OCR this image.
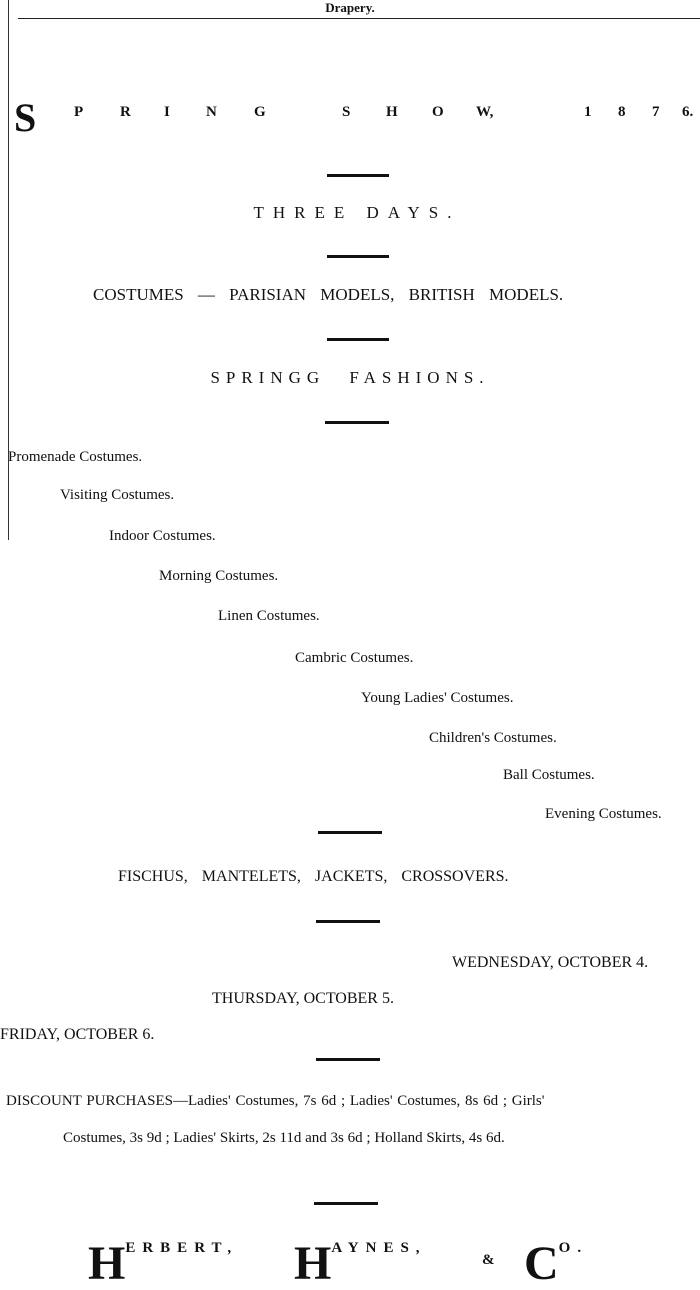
Drapery.
S	P R I N G	S H O W,	1 8 7 6.
THREE DAYS.
COSTUMES — PARISIAN MODELS, BRITISH MODELS.
SPRINGG FASHIONS.
Promenade Costumes.
Visiting Costumes.
Indoor Costumes.
Morning Costumes.
Linen Costumes.
Cambric Costumes.
Young Ladies' Costumes.
Children's Costumes.
Ball Costumes.
Evening Costumes.
FISCHUS, MANTELETS, JACKETS, CROSSOVERS.
WEDNESDAY, OCTOBER 4.
THURSDAY, OCTOBER 5.
FRIDAY, OCTOBER 6.
DISCOUNT PURCHASES—Ladies' Costumes, 7s 6d ; Ladies' Costumes, 8s 6d ; Girls'
Costumes, 3s 9d ; Ladies' Skirts, 2s 11d and 3s 6d ; Holland Skirts, 4s 6d.
HERBERT, HAYNES,
& CO.
